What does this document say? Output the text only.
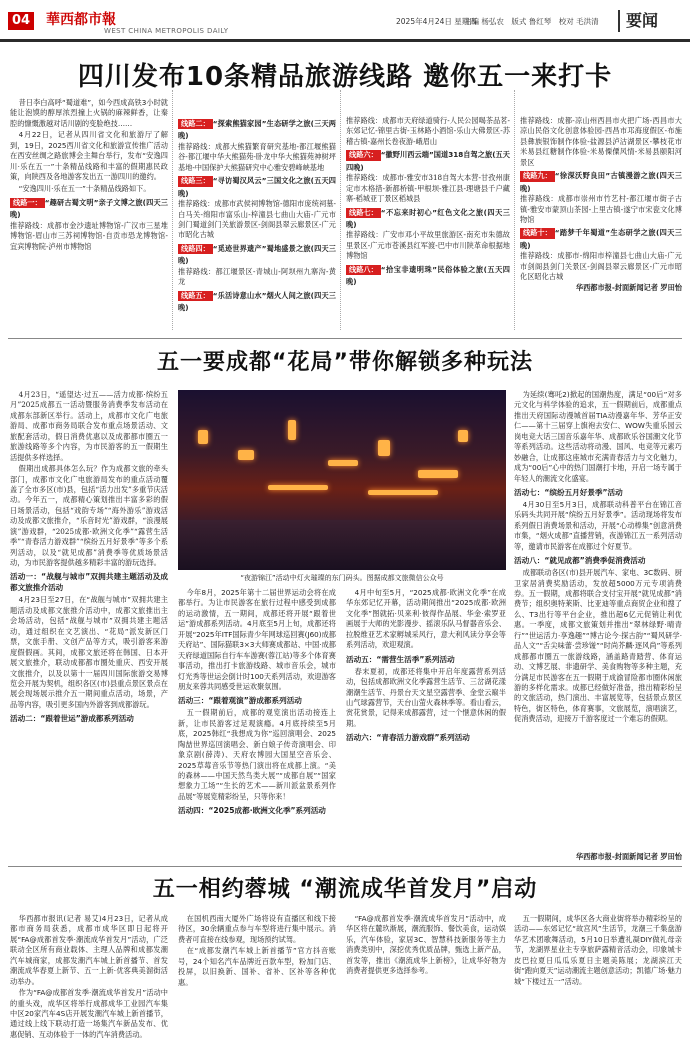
04 華西都市報
WEST CHINA METROPOLIS DAILY
2025年4月24日 星期四
主编 杨弘农　版式 鲁红琴　校对 毛洪清	要闻
四川发布10条精品旅游线路 邀你五一来打卡

昔日李白高呼“蜀道难”，如今西成高铁3小时就能让泡馍的醇厚浓烈撞上火锅的麻辣鲜香，让秦腔的慷慨激越对话川剧的变脸绝技……

4月22日，记者从四川省文化和旅游厅了解到，19日，2025西川省文化和旅游宣传推广活动在西安丝绸之路旅博会主舞台举行，发布“安逸四川·乐在五一”十条精品线路和丰富的假期惠民政策，向陕西及各地游客发出五一游四川的邀约。

“安逸四川·乐在五一”十条精品线路如下。

线路一： “趣研古蜀文明”亲子文博之旅(四天三晚)
推荐路线：成都市金沙遗址博物馆-广汉市三星堆博物馆-眉山市三苏祠博物馆-自贡市恐龙博物馆-宜宾博物院-泸州市博物馆
线路二： “探索熊猫家园”生态研学之旅(三天两晚)
推荐路线：成都大熊猫繁育研究基地-都江堰熊猫谷-都江堰中华大熊猫苑-卧龙中华大熊猫苑神树坪基地-中国保护大熊猫研究中心雅安碧峰峡基地
线路三： “寻访蜀汉风云”三国文化之旅(五天四晚)
推荐路线：成都市武侯祠博物馆-德阳市庞统祠墓-白马关-绵阳市富乐山-梓潼县七曲山大庙-广元市剑门蜀道剑门关旅游景区-剑阁县翠云廊景区-广元市昭化古城
线路四： “觅迹世界遗产”蜀地盛景之旅(四天三晚)
推荐路线：都江堰景区-青城山-阿坝州九寨沟-黄龙
线路五： “乐活诗意山水”烟火人间之旅(四天三晚)
推荐路线：成都市天府绿道骑行-人民公园喝茶品茗-东郊记忆-锦里古街-玉林路小酒馆-乐山大佛景区-苏稽古镇-嘉州长卷夜游-峨眉山
线路六： “徽野川西云端”国道318自驾之旅(五天四晚)
推荐路线：成都市-雅安市318自驾大本营-甘孜州康定市木格措-新都桥镇-甲根坝-雅江县-理塘县千户藏寨-稻城亚丁景区稻城县
线路七： “不忘来时初心”红色文化之旅(四天三晚)
推荐路线：广安市邓小平故里旅游区-南充市朱德故里景区-广元市苍溪县红军渡-巴中市川陕革命根据地博物馆
线路八： “拾宝非遗明珠”民俗体验之旅(五天四晚)
推荐路线：成都-凉山州西昌市火把广场-西昌市大凉山民俗文化创意体验园-西昌市邛海度假区-布施县彝族银饰制作体验-盐源县泸沽湖景区-攀枝花市米易县红糖制作体验-米易傈僳风情-米易县颐阳河景区
线路九： “徐深沃野良田”古镇漫游之旅(四天三晚)
推荐路线：成都市崇州市竹艺村-都江堰市街子古镇-雅安市蒙顶山茶园-上里古镇-遂宁市宋瓷文化博物馆
线路十： “踏梦千年蜀道”生态研学之旅(四天三晚)
推荐路线：成都市-绵阳市梓潼县七曲山大庙-广元市剑阁县剑门关景区-剑阁县翠云廊景区-广元市昭化区昭化古城
华西都市报-封面新闻记者 罗田怡
五一要成都“花局”带你解锁多种玩法

4月23日，“遥望达·过五——活力成都·缤纷五月”2025成都五一活动暨服务消费季发布活动在成都东部新区举行。活动上，成都市文化广电旅游局、成都市商务局联合发布重点场景活动、文旅配套活动，假日消费优惠以及成都都市圈五一旅游线路等多个内容，为市民游客的五一假期生活提供多样选择。

假期出成都具体怎么玩？作为成都文旅的牵头部门，成都市文化广电旅游局发布的重点活动覆盖了全市多区(市)县，包括“活力出发”多重节庆活动。今年五一，成都精心策划推出丰富多彩的假日场景活动，包括“戏韵专场”“海外游乐”游戏活动及成都文旅推介，“乐音时光”游戏群，“浪漫展演”游戏群，“2025成都·欧洲文化季”“露营生活季”“青春活力游戏群”“缤纷五月好景季”等多个系列活动，以及“就见成都”消费季等优质场景活动，为市民游客提供越多精彩丰富的游玩选择。

活动一：“战舰与城市”双拥共建主题活动及成都文旅推介活动

4月23日至27日，在“战舰与城市”双拥共建主题活动及成都文旅推介活动中，成都文旅推出主会场活动，包括“战舰与城市”双拥共建主题活动，通过组织在文艺演出、“花局”派发新区门票，文旅手册、文创产品等方式，吸引游客来游度假假画。其间，成都文旅还将在韩国、日本开展文旅推介，联动成都都市圈处重庆、西安开展文旅推介，以及以第十一届四川国际旅游交易博览会开展为契机，组织各区(市)县重点景区景点在展会现场展示推介五一期间重点活动，场景，产品等内容，吸引更多国内外游客到成都游玩。

活动二：“跟着世运”游成都系列活动
“夜游锦江”活动中灯火璀璨的东门码头。图据成都文旅微信公众号

今年8月，2025年第十二届世界运动会将在成都举行。为让市民游客在旅行过程中感受到成都的运动激情，五一期间，成都还将开展“跟着世运”游成都系列活动。4月底至5月上旬，成都还将开展“2025年ITF国际青少年网球巡回赛(J60)成都天府站”、国际猫联3×3大师赛成都站、中国·成都天府绿道国际自行车车游赛(蓉江站)等多个体育赛事活动，推出打卡旅游线路、城市音乐会，城市灯光秀等世运会倒计时100天系列活动，欢迎游客朋友来蓉共同感受世运欢聚氛围。

活动三：“跟着观演”游成都系列活动

五一假期前后，成都的观览演出活动接连上新，让市民游客过足观演瘾。4月底持续至5月底，2025韩红“我想成为你”巡回演唱会、2025陶喆世界巡回演唱会、新白娘子传奇演唱会、印象京剧(薛涛)、天府农博园大国星空音乐会、2025草莓音乐节等热门演出将在成都上演。“美的森林——中国天然鸟类大展”“成都自展”“国家想象力工场”“生长的艺术——新川派盆景系列作品展”等展览精彩纷呈，只等你来！

活动四：“2025成都·欧洲文化季”系列活动

4月中旬至5月，“2025成都·欧洲文化季”在成华东郊记忆开幕，活动期间推出“2025成都·欧洲文化季”图就拓·贝来利·彼得作品展、华金·索罗亚画展于大师的光影漫步、摇滚乐队马督器音乐会、拉脱维亚艺术家孵城采风行，意大利风读分享会等系列活动，欢迎观演。

活动五：“需营生活季”系列活动

春末夏初，成都还将集中开启年度露营系列活动，包括成都欧洲文化季露营生活节、三岔湖花漾潮潮生活节、丹景台天文星空露营季、金堂云巅半山气球露营节，天台山萤火森林季等。看山看云，赏花赏景，记得来成都露营，过一个惬意休闲的假期。

活动六：“青春活力游戏群”系列活动

为延续(骞吒2)掀起的国潮热度，满足“00后”对多元文化与科学体验的追求，五一假期前后，成都重点推出天府国际动漫城首届TIA动漫嘉年华、芳华正安仁——第十三届穿上旗袍去安仁、WOW失重乐园云岗电竞大话三国音乐嘉年华、成都欧乐谷国潮文化节等系列活动。这些活动将动漫、国风、电竞等元素巧妙融合，让成都这座城市充满青春活力与文化魅力，成为“00后”心中的热门国潮打卡地，开启一场专属于年轻人的潮流文化盛宴。

活动七：“缤纷五月好景季”活动

4月30日至5月3日，成都联动科普平台在锦江音乐码头共同开展“缤纷五月好景季”。活动现场将发布系列假日消费场景和活动，开展“心动棒集”创意消费市集，“烟火成都”直播营销，夜游锦江五一系列活动等，邀请市民游客在成都过个好夏节。

活动八：“就见成都”消费季促消费活动

成都联动各区(市)县开展汽车、家电、3C数码、厨卫家居消费奖励活动，发放超5000万元专项消费券。五一假期，成都将联合支付宝开展“就见成都”消费节；组织奥特莱斯、比亚迪等重点商贸企业和搜了么、T3出行等平台企业，推出超6亿元促销让利优惠。一季度，成都文旅策划并推出“翠林绿野·晴青行”“世运活力·享逸趣”“博古论今·探古韵”“蜀风研学·品人文”“舌尖味蕾·尝珍馐”“时尚芥麟·逐风尚”等系列成都都市圈五一旅游线路，涵盖路青踏营、体育运动、文博艺展、非遗研学、美食购物等多种主题，充分满足市民游客在五一假期于成渝冒险都市圈休闲旅游的多样化需求。成都已经做好准备，推出精彩纷呈的文旅活动，热门演出、丰富展览等，包括景点景区特色，街区特色，体育赛事，文旅展览，演唱演艺，促消费活动，迎接万千游客度过一个难忘的假期。

华西都市报-封面新闻记者 罗田怡
五一相约蓉城 “潮流成华首发月”启动

华西都市报讯(记者 易艾)4月23日，记者从成都市商务局获悉，成都市成华区即日起将开展“FA@成都首发季·潮流成华首发月”活动，广泛联动全区所有商业载体、主理人品牌和成都发潮汽车城商家，成都发潮汽车城上新首播节、首发潮流成华春夏上新节、五一上新·优客典美溜街活动举办。

作为“FA@成都首发季·潮流成华首发月”活动中的重头戏，成华区将举行成都成华工业园汽车集中区20家汽车4S店开展发潮汽车城上新首播节，通过线上线下联动打造一场集汽车新品发布、优惠促销、互动体验于一体的汽车消费活动。

在国机西南大厦外广场将设有直播区和线下接待区，30余辆重点参与车型将进行集中展示。消费者可直接在线参观，现场预约试驾。

在“成都发潮汽车城上新首播节”官方抖音账号，24个知名汽车品牌近百款车型，粉加门店、投屏，以旧换新、国补、省补、区补等各种优惠。

“FA@成都首发季·潮流成华首发月”活动中，成华区将在麓玖渐展，潮流服饰、餐饮美食，运动娱乐，汽车体验，家居3C、智慧科技新服务等主力消费类别中，深挖优秀优质品牌，甄选上新产品，首发等，推出《潮流成华上新榜》，让成华好物为消费者提供更多选择参考。

五一假期间，成华区各大商业街将举办精彩纷呈的活动——东郊记忆“故宫风”生活节，龙潮三千集盘游华艺术团歌舞活动，5月10日举遭礼凝DIY做礼母亲节，龙湖界星业主专享旅萨露精音活动会，印象城卡皮巴拉夏日瓜瓜乐夏日主题美陈展；龙湖滨江天街“跑向夏天”运动潮流主题创意活动；凯德广场·魅力城“下楼过五一”活动。
